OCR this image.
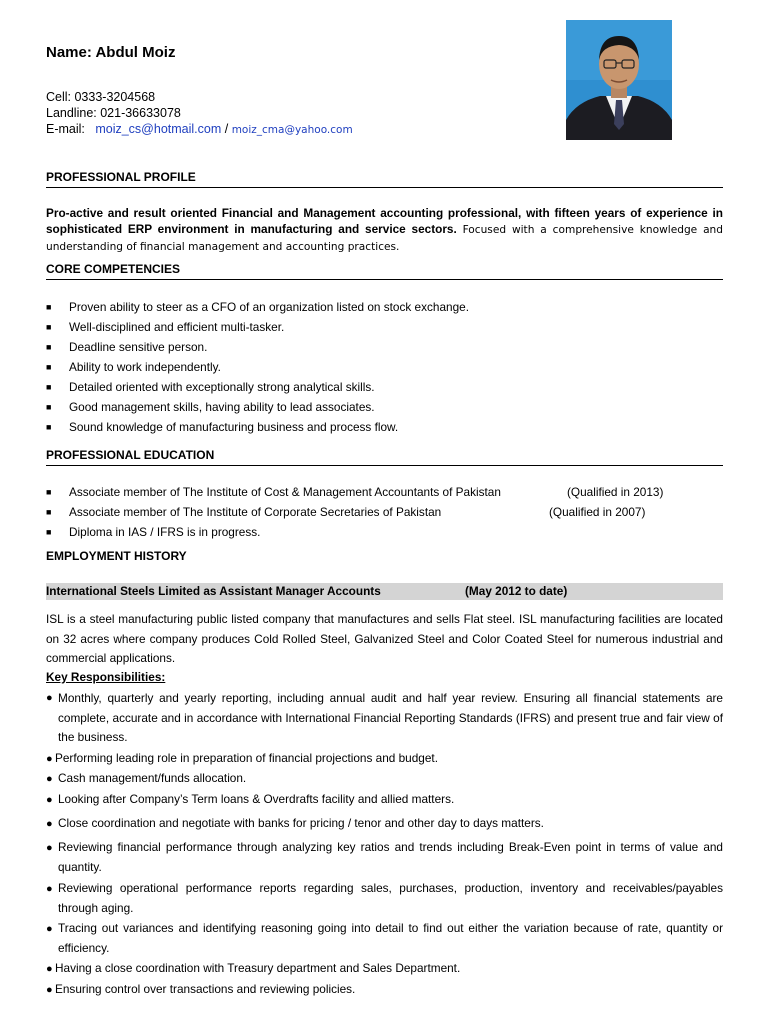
Name: Abdul Moiz
Cell: 0333-3204568
Landline: 021-36633078
E-mail: moiz_cs@hotmail.com / moiz_cma@yahoo.com
PROFESSIONAL PROFILE
Pro-active and result oriented Financial and Management accounting professional, with fifteen years of experience in sophisticated ERP environment in manufacturing and service sectors. Focused with a comprehensive knowledge and understanding of financial management and accounting practices.
CORE COMPETENCIES
■ Proven ability to steer as a CFO of an organization listed on stock exchange.
■ Well-disciplined and efficient multi-tasker.
■ Deadline sensitive person.
■ Ability to work independently.
■ Detailed oriented with exceptionally strong analytical skills.
■ Good management skills, having ability to lead associates.
■ Sound knowledge of manufacturing business and process flow.
PROFESSIONAL EDUCATION
■ Associate member of The Institute of Cost & Management Accountants of Pakistan	(Qualified in 2013)
■ Associate member of The Institute of Corporate Secretaries of Pakistan	(Qualified in 2007)
■ Diploma in IAS / IFRS is in progress.
EMPLOYMENT HISTORY
International Steels Limited as Assistant Manager Accounts	(May 2012 to date)
ISL is a steel manufacturing public listed company that manufactures and sells Flat steel. ISL manufacturing facilities are located on 32 acres where company produces Cold Rolled Steel, Galvanized Steel and Color Coated Steel for numerous industrial and commercial applications.
Key Responsibilities:
● Monthly, quarterly and yearly reporting, including annual audit and half year review. Ensuring all financial statements are complete, accurate and in accordance with International Financial Reporting Standards (IFRS) and present true and fair view of the business.
● Performing leading role in preparation of financial projections and budget.
● Cash management/funds allocation.
● Looking after Company’s Term loans & Overdrafts facility and allied matters.
● Close coordination and negotiate with banks for pricing / tenor and other day to days matters.
● Reviewing financial performance through analyzing key ratios and trends including Break-Even point in terms of value and quantity.
● Reviewing operational performance reports regarding sales, purchases, production, inventory and receivables/payables through aging.
● Tracing out variances and identifying reasoning going into detail to find out either the variation because of rate, quantity or efficiency.
● Having a close coordination with Treasury department and Sales Department.
● Ensuring control over transactions and reviewing policies.
